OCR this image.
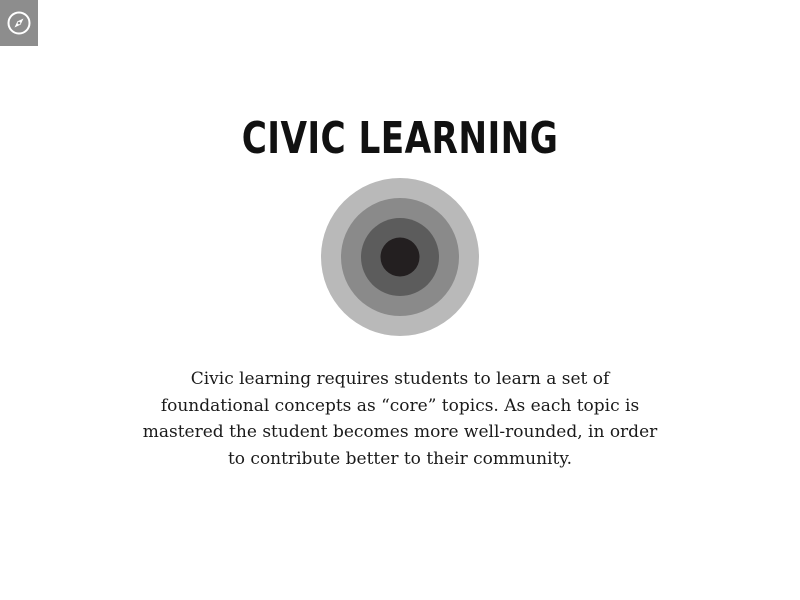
CIVIC LEARNING

Civic learning requires students to learn a set of foundational concepts as “core” topics. As each topic is mastered the student becomes more well-rounded, in order to contribute better to their community.
